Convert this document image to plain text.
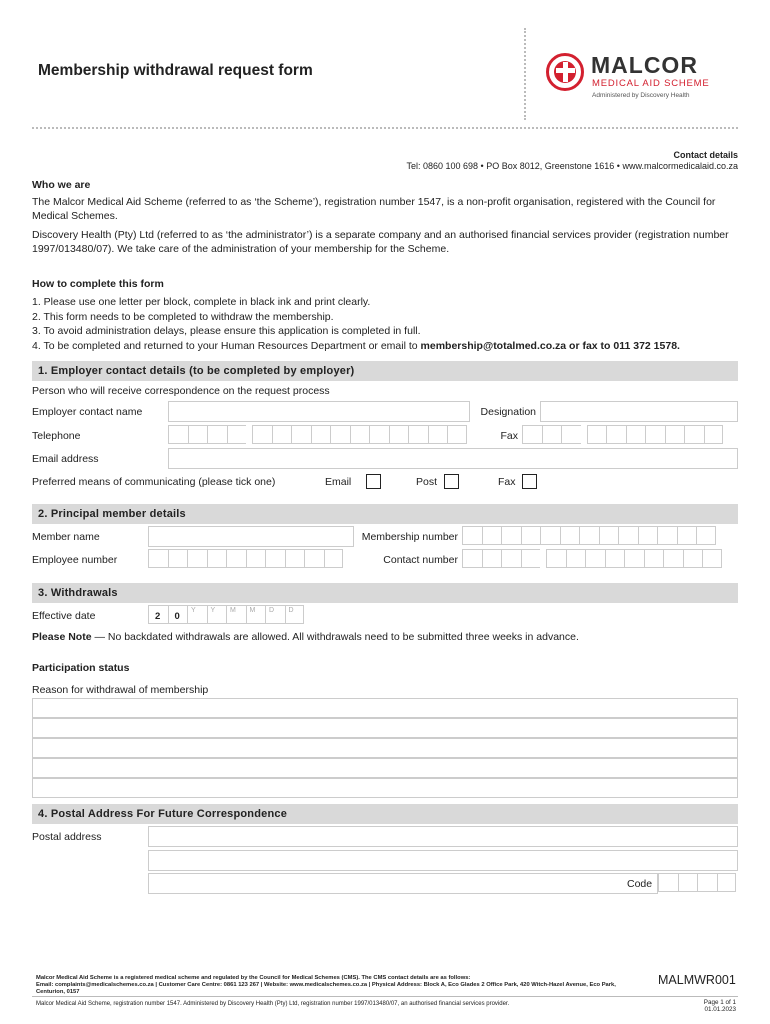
Membership withdrawal request form	MALCOR
MEDICAL AID SCHEME
Administered by Discovery Health
Contact details
Tel: 0860 100 698 • PO Box 8012, Greenstone 1616 • www.malcormedicalaid.co.za
Who we are
The Malcor Medical Aid Scheme (referred to as ‘the Scheme’), registration number 1547, is a non-profit organisation, registered with the Council for Medical Schemes.
Discovery Health (Pty) Ltd (referred to as ‘the administrator’) is a separate company and an authorised financial services provider (registration number 1997/013480/07). We take care of the administration of your membership for the Scheme.
How to complete this form
1. Please use one letter per block, complete in black ink and print clearly.
2. This form needs to be completed to withdraw the membership.
3. To avoid administration delays, please ensure this application is completed in full.
4. To be completed and returned to your Human Resources Department or email to membership@totalmed.co.za or fax to 011 372 1578.
1. Employer contact details (to be completed by employer)
Person who will receive correspondence on the request process
Employer contact name	Designation
Telephone	Fax
Email address
Preferred means of communicating (please tick one)	Email	Post	Fax
2. Principal member details
Member name	Membership number
Employee number	Contact number
3. Withdrawals
Effective date	2	0
Y	Y	M	M	D	D
Please Note — No backdated withdrawals are allowed. All withdrawals need to be submitted three weeks in advance.
Participation status
Reason for withdrawal of membership
4. Postal Address For Future Correspondence
Postal address
Code
Malcor Medical Aid Scheme is a registered medical scheme and regulated by the Council for Medical Schemes (CMS). The CMS contact details are as follows:
Email: complaints@medicalschemes.co.za | Customer Care Centre: 0861 123 267 | Website: www.medicalschemes.co.za | Physical Address: Block A, Eco Glades 2 Office Park, 420 Witch-Hazel Avenue, Eco Park, Centurion, 0157
MALMWR001
Malcor Medical Aid Scheme, registration number 1547. Administered by Discovery Health (Pty) Ltd, registration number 1997/013480/07, an authorised financial services provider.	Page 1 of 1
01.01.2023
